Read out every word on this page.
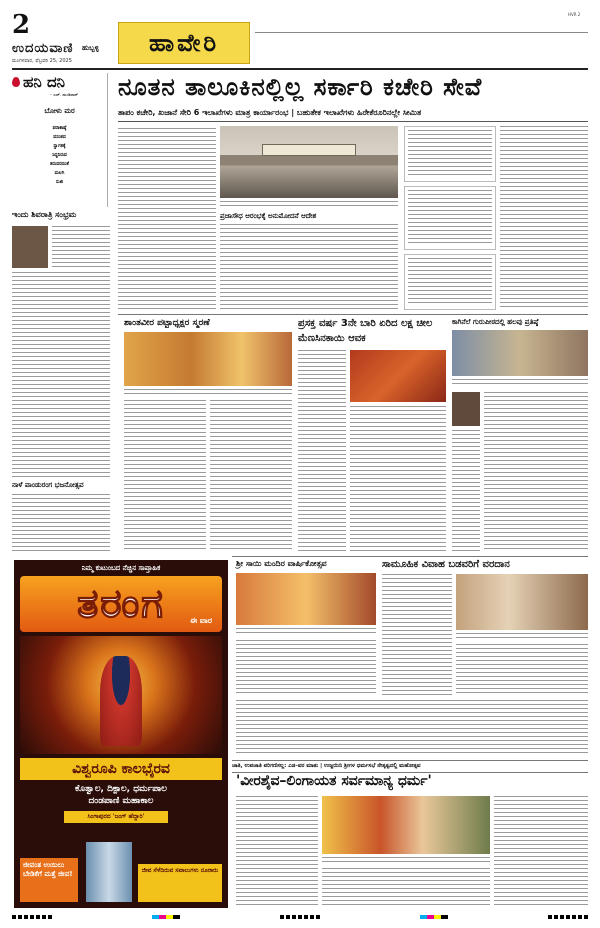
2
ಉದಯವಾಣಿ ಹುಬ್ಬಳ್ಳಿ
ಮಂಗಳವಾರ, ಫೆಬ್ರವರಿ 25, 2025
ಹಾವೇರಿ
HVR 2
ಹನಿ ದನಿ
– ಎಚ್. ಡುಂಡಿರಾಜ್
ಬೋಳು ಮರ
ಪರಾಕಾಷ್ಠೆ
ವಸಂತದ
ಸ್ವಾಗತಕ್ಕೆ
ಸಿದ್ಧನಿರುವ
ತರುವರದಂತೆ
ಮಲಗಿ
ಸುಖಿ
ನೂತನ ತಾಲೂಕಿನಲ್ಲಿಲ್ಲ ಸರ್ಕಾರಿ ಕಚೇರಿ ಸೇವೆ
ತಾಪಂ ಕಚೇರಿ, ಖಜಾನೆ ಸೇರಿ 6 ಇಲಾಖೆಗಳು ಮಾತ್ರ ಕಾರ್ಯಾರಂಭ | ಬಹುತೇಕ ಇಲಾಖೆಗಳು ಹಿರೇಕೆರೂರಿನಲ್ಲೇ ಸೀಮಿತ
ಇಂದು ಶಿವರಾತ್ರಿ ಸಂಭ್ರಮ
ನಾಳೆ ಪಾಂಡುರಂಗ ಭಜನೋತ್ಸವ
ಪ್ರಜಾಸೌಧ ಆರಂಭಕ್ಕೆ ಅನುಮೋದನೆ ಆದೇಶ
ಶಾಂತವೀರ ಪಟ್ಟಾಧ್ಯಕ್ಷರ ಸ್ಮರಣೆ	ಪ್ರಸಕ್ತ ವರ್ಷ 3ನೇ ಬಾರಿ ಏರಿದ ಲಕ್ಷ ಚೀಲ ಮೆಣಸಿನಕಾಯಿ ಆವಕ
ಕಾಗಿನೆಲೆ ಗುರುಪೀಠದಲ್ಲಿ ಹಲವು ಪ್ರತಿಷ್ಠೆ
ಶ್ರೀ ಸಾಯಿ ಮಂದಿರ ವಾರ್ಷಿಕೋತ್ಸವ	ಸಾಮೂಹಿಕ ವಿವಾಹ ಬಡವರಿಗೆ ವರದಾನ
ನಿಮ್ಮ ಕುಟುಂಬದ ನೆಚ್ಚಿನ ಸಾಪ್ತಾಹಿಕ
ತರಂಗ	ಈ ವಾರ
ವಿಶ್ವರೂಪಿ ಕಾಲಭೈರವ
ಕೊತ್ವಾಲ, ದಿಕ್ಪಾಲ, ಧರ್ಮಪಾಲ
ದಂಡಪಾಣಿ ಮಹಾಕಾಲ
ಸಿಂಗಾಪುರದ 'ಜಂಗ್ ಹೆದ್ದಾರಿ'
ಜೀವಂತ ಉಯಿಲು ಬೇಡಿಕೆಗೆ ಮತ್ತೆ ಜೀವ!	ಜೀವ ಸೆಳೆದಿರುವ ಸವಾಲುಗಳು ನೂರಾರು
ಜಾತಿ, ಉಪಜಾತಿ ಪರಿಗಣಿಸಲ್ಲ: ಎಡ–ವರ ಮಾತು | ಉಜ್ಜಯಿನಿ ಶ್ರೀಗಳ ಧರ್ಮಸಭೆ ನೇತೃತ್ವದಲ್ಲಿ ಮಹೋತ್ಸವ
'ವೀರಶೈವ–ಲಿಂಗಾಯತ ಸರ್ವಮಾನ್ಯ ಧರ್ಮ'
